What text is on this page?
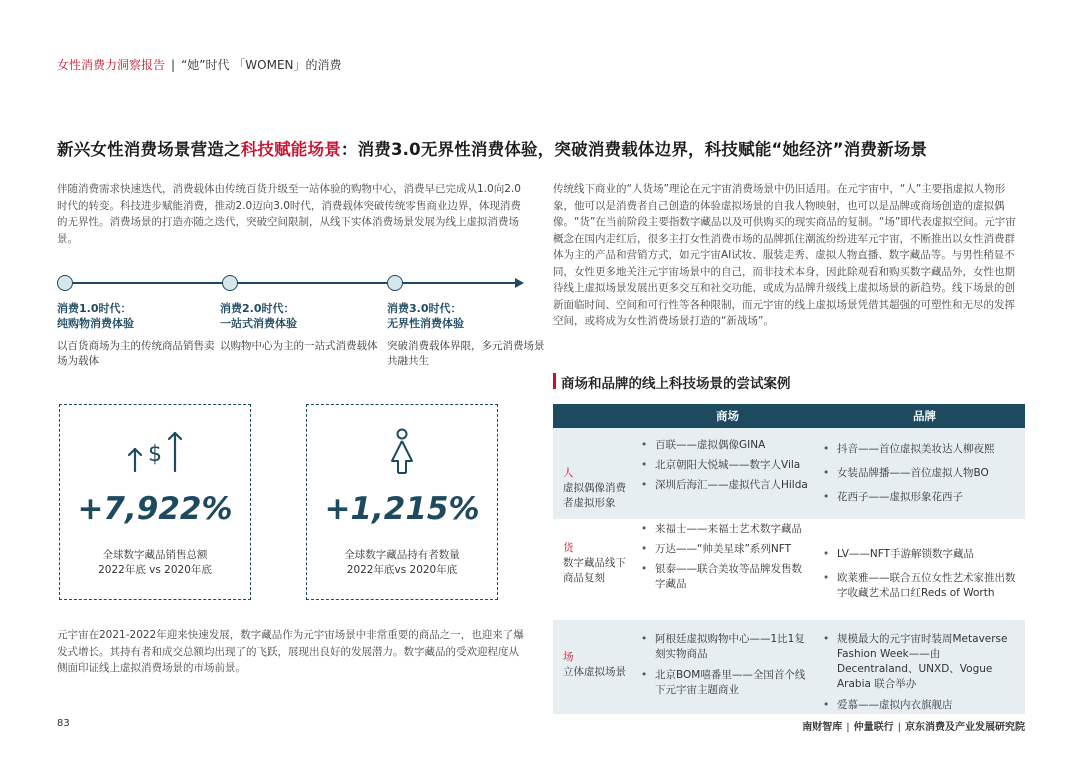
女性消费力洞察报告 | “她”时代 「WOMEN」的消费
新兴女性消费场景营造之科技赋能场景：消费3.0无界性消费体验，突破消费载体边界，科技赋能“她经济”消费新场景
伴随消费需求快速迭代，消费载体由传统百货升级至一站体验的购物中心，消费早已完成从1.0向2.0时代的转变。科技进步赋能消费，推动2.0迈向3.0时代，消费载体突破传统零售商业边界，体现消费的无界性。消费场景的打造亦随之迭代，突破空间限制，从线下实体消费场景发展为线上虚拟消费场景。
消费1.0时代：
纯购物消费体验
以百货商场为主的传统商品销售卖场为载体
消费2.0时代：
一站式消费体验
以购物中心为主的一站式消费载体
消费3.0时代：
无界性消费体验
突破消费载体界限，多元消费场景共融共生
$
+7,922%
全球数字藏品销售总额
2022年底 vs 2020年底
+1,215%
全球数字藏品持有者数量
2022年底vs 2020年底
元宇宙在2021-2022年迎来快速发展，数字藏品作为元宇宙场景中非常重要的商品之一，也迎来了爆发式增长。其持有者和成交总额均出现了的飞跃，展现出良好的发展潜力。数字藏品的受欢迎程度从侧面印证线上虚拟消费场景的市场前景。
传统线下商业的“人货场”理论在元宇宙消费场景中仍旧适用。在元宇宙中，“人”主要指虚拟人物形象，他可以是消费者自己创造的体验虚拟场景的自我人物映射，也可以是品牌或商场创造的虚拟偶像。“货”在当前阶段主要指数字藏品以及可供购买的现实商品的复制。“场”即代表虚拟空间。元宇宙概念在国内走红后，很多主打女性消费市场的品牌抓住潮流纷纷进军元宇宙，不断推出以女性消费群体为主的产品和营销方式，如元宇宙AI试妆、服装走秀、虚拟人物直播、数字藏品等。与男性稍显不同，女性更多地关注元宇宙场景中的自己，而非技术本身，因此除观看和购买数字藏品外，女性也期待线上虚拟场景发展出更多交互和社交功能，或成为品牌升级线上虚拟场景的新趋势。线下场景的创新面临时间、空间和可行性等各种限制，而元宇宙的线上虚拟场景凭借其超强的可塑性和无尽的发挥空间，或将成为女性消费场景打造的“新战场”。
商场和品牌的线上科技场景的尝试案例
商场	品牌
人
虚拟偶像消费者虚拟形象
• 百联——虚拟偶像GINA
• 北京朝阳大悦城——数字人Vila
• 深圳后海汇——虚拟代言人Hilda
• 抖音——首位虚拟美妆达人柳夜熙
• 女装品牌播——首位虚拟人物BO
• 花西子——虚拟形象花西子
货
数字藏品线下商品复刻
• 来福士——来福士艺术数字藏品
• 万达——“帅美星球”系列NFT
• 银泰——联合美妆等品牌发售数字藏品
• LV——NFT手游解锁数字藏品
• 欧莱雅——联合五位女性艺术家推出数字收藏艺术品口红Reds of Worth
场
立体虚拟场景
• 阿根廷虚拟购物中心——1比1复刻实物商品
• 北京BOM嘻番里——全国首个线下元宇宙主题商业
• 规模最大的元宇宙时装周Metaverse Fashion Week——由Decentraland、UNXD、Vogue Arabia 联合举办
• 爱慕——虚拟内衣旗舰店
83	南财智库 | 仲量联行 | 京东消费及产业发展研究院
